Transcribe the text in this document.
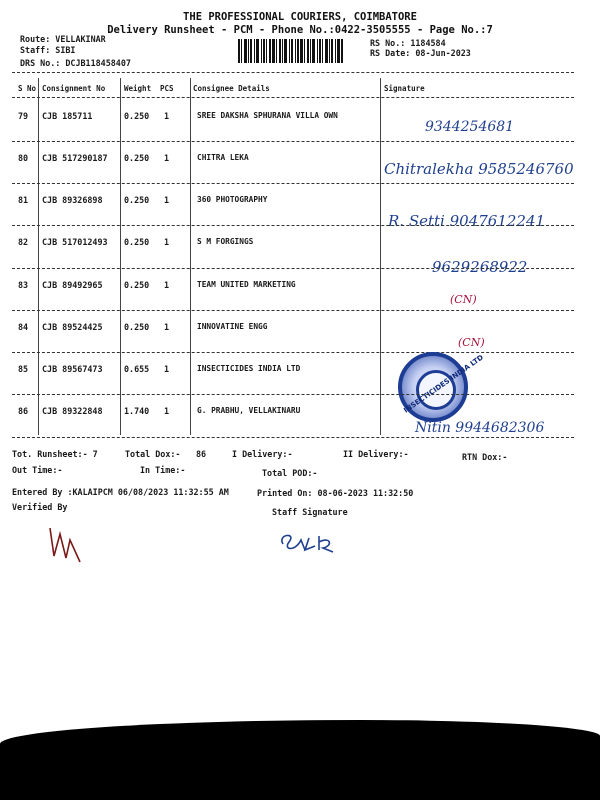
THE PROFESSIONAL COURIERS, COIMBATORE
Delivery Runsheet - PCM - Phone No.:0422-3505555 - Page No.:7
Route: VELLAKINAR
Staff: SIBI
DRS No.: DCJB118458407
RS No.: 1184584
RS Date: 08-Jun-2023
S No Consignment No	Weight PCS	Consignee Details	Signature
79 CJB 185711	0.250 1	SREE DAKSHA SPHURANA VILLA OWN
9344254681
80 CJB 517290187 0.250 1	CHITRA LEKA
Chitralekha 9585246760
81 CJB 89326898	0.250 1	360 PHOTOGRAPHY
R. Setti 9047612241
82 CJB 517012493 0.250 1	S M FORGINGS
9629268922
83 CJB 89492965	0.250 1	TEAM UNITED MARKETING
(CN)
84 CJB 89524425	0.250 1	INNOVATINE ENGG
(CN)
85 CJB 89567473	0.655 1	INSECTICIDES INDIA LTD	INSECTICIDES INDIA LTD
86 CJB 89322848	1.740 1	G. PRABHU, VELLAKINARU
Nitin 9944682306
Tot. Runsheet:- 7	Total Dox:- 86	I Delivery:-	II Delivery:-	RTN Dox:-
Out Time:-	In Time:-	Total POD:-
Entered By :KALAIPCM 06/08/2023 11:32:55 AM	Printed On: 08-06-2023 11:32:50
Verified By	Staff Signature
